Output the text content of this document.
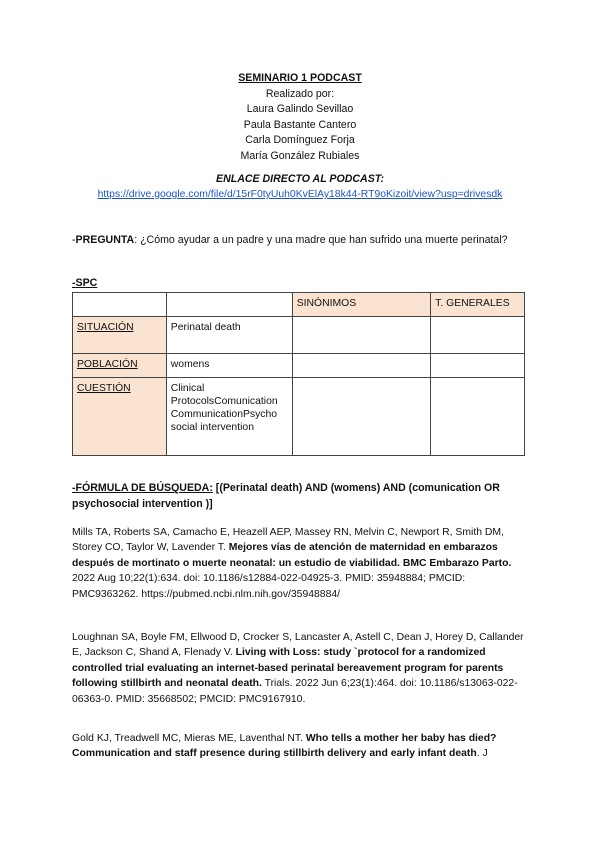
SEMINARIO 1 PODCAST
Realizado por:
Laura Galindo Sevillao
Paula Bastante Cantero
Carla Domínguez Forja
María González Rubiales
ENLACE DIRECTO AL PODCAST:
https://drive.google.com/file/d/15rF0tyUuh0KvElAy18k44-RT9oKizoit/view?usp=drivesdk
-PREGUNTA: ¿Cómo ayudar a un padre y una madre que han sufrido una muerte perinatal?
-SPC
		SINÓNIMOS	T. GENERALES
SITUACIÓN	Perinatal death		
POBLACIÓN	womens		
CUESTIÓN	Clinical ProtocolsComunication CommunicationPsycho social intervention		
-FÓRMULA DE BÚSQUEDA: [(Perinatal death) AND (womens) AND (comunication OR psychosocial intervention )]
Mills TA, Roberts SA, Camacho E, Heazell AEP, Massey RN, Melvin C, Newport R, Smith DM, Storey CO, Taylor W, Lavender T. Mejores vías de atención de maternidad en embarazos después de mortinato o muerte neonatal: un estudio de viabilidad. BMC Embarazo Parto. 2022 Aug 10;22(1):634. doi: 10.1186/s12884-022-04925-3. PMID: 35948884; PMCID: PMC9363262. https://pubmed.ncbi.nlm.nih.gov/35948884/
Loughnan SA, Boyle FM, Ellwood D, Crocker S, Lancaster A, Astell C, Dean J, Horey D, Callander E, Jackson C, Shand A, Flenady V. Living with Loss: study `protocol for a randomized controlled trial evaluating an internet-based perinatal bereavement program for parents following stillbirth and neonatal death. Trials. 2022 Jun 6;23(1):464. doi: 10.1186/s13063-022-06363-0. PMID: 35668502; PMCID: PMC9167910.
Gold KJ, Treadwell MC, Mieras ME, Laventhal NT. Who tells a mother her baby has died? Communication and staff presence during stillbirth delivery and early infant death. J
